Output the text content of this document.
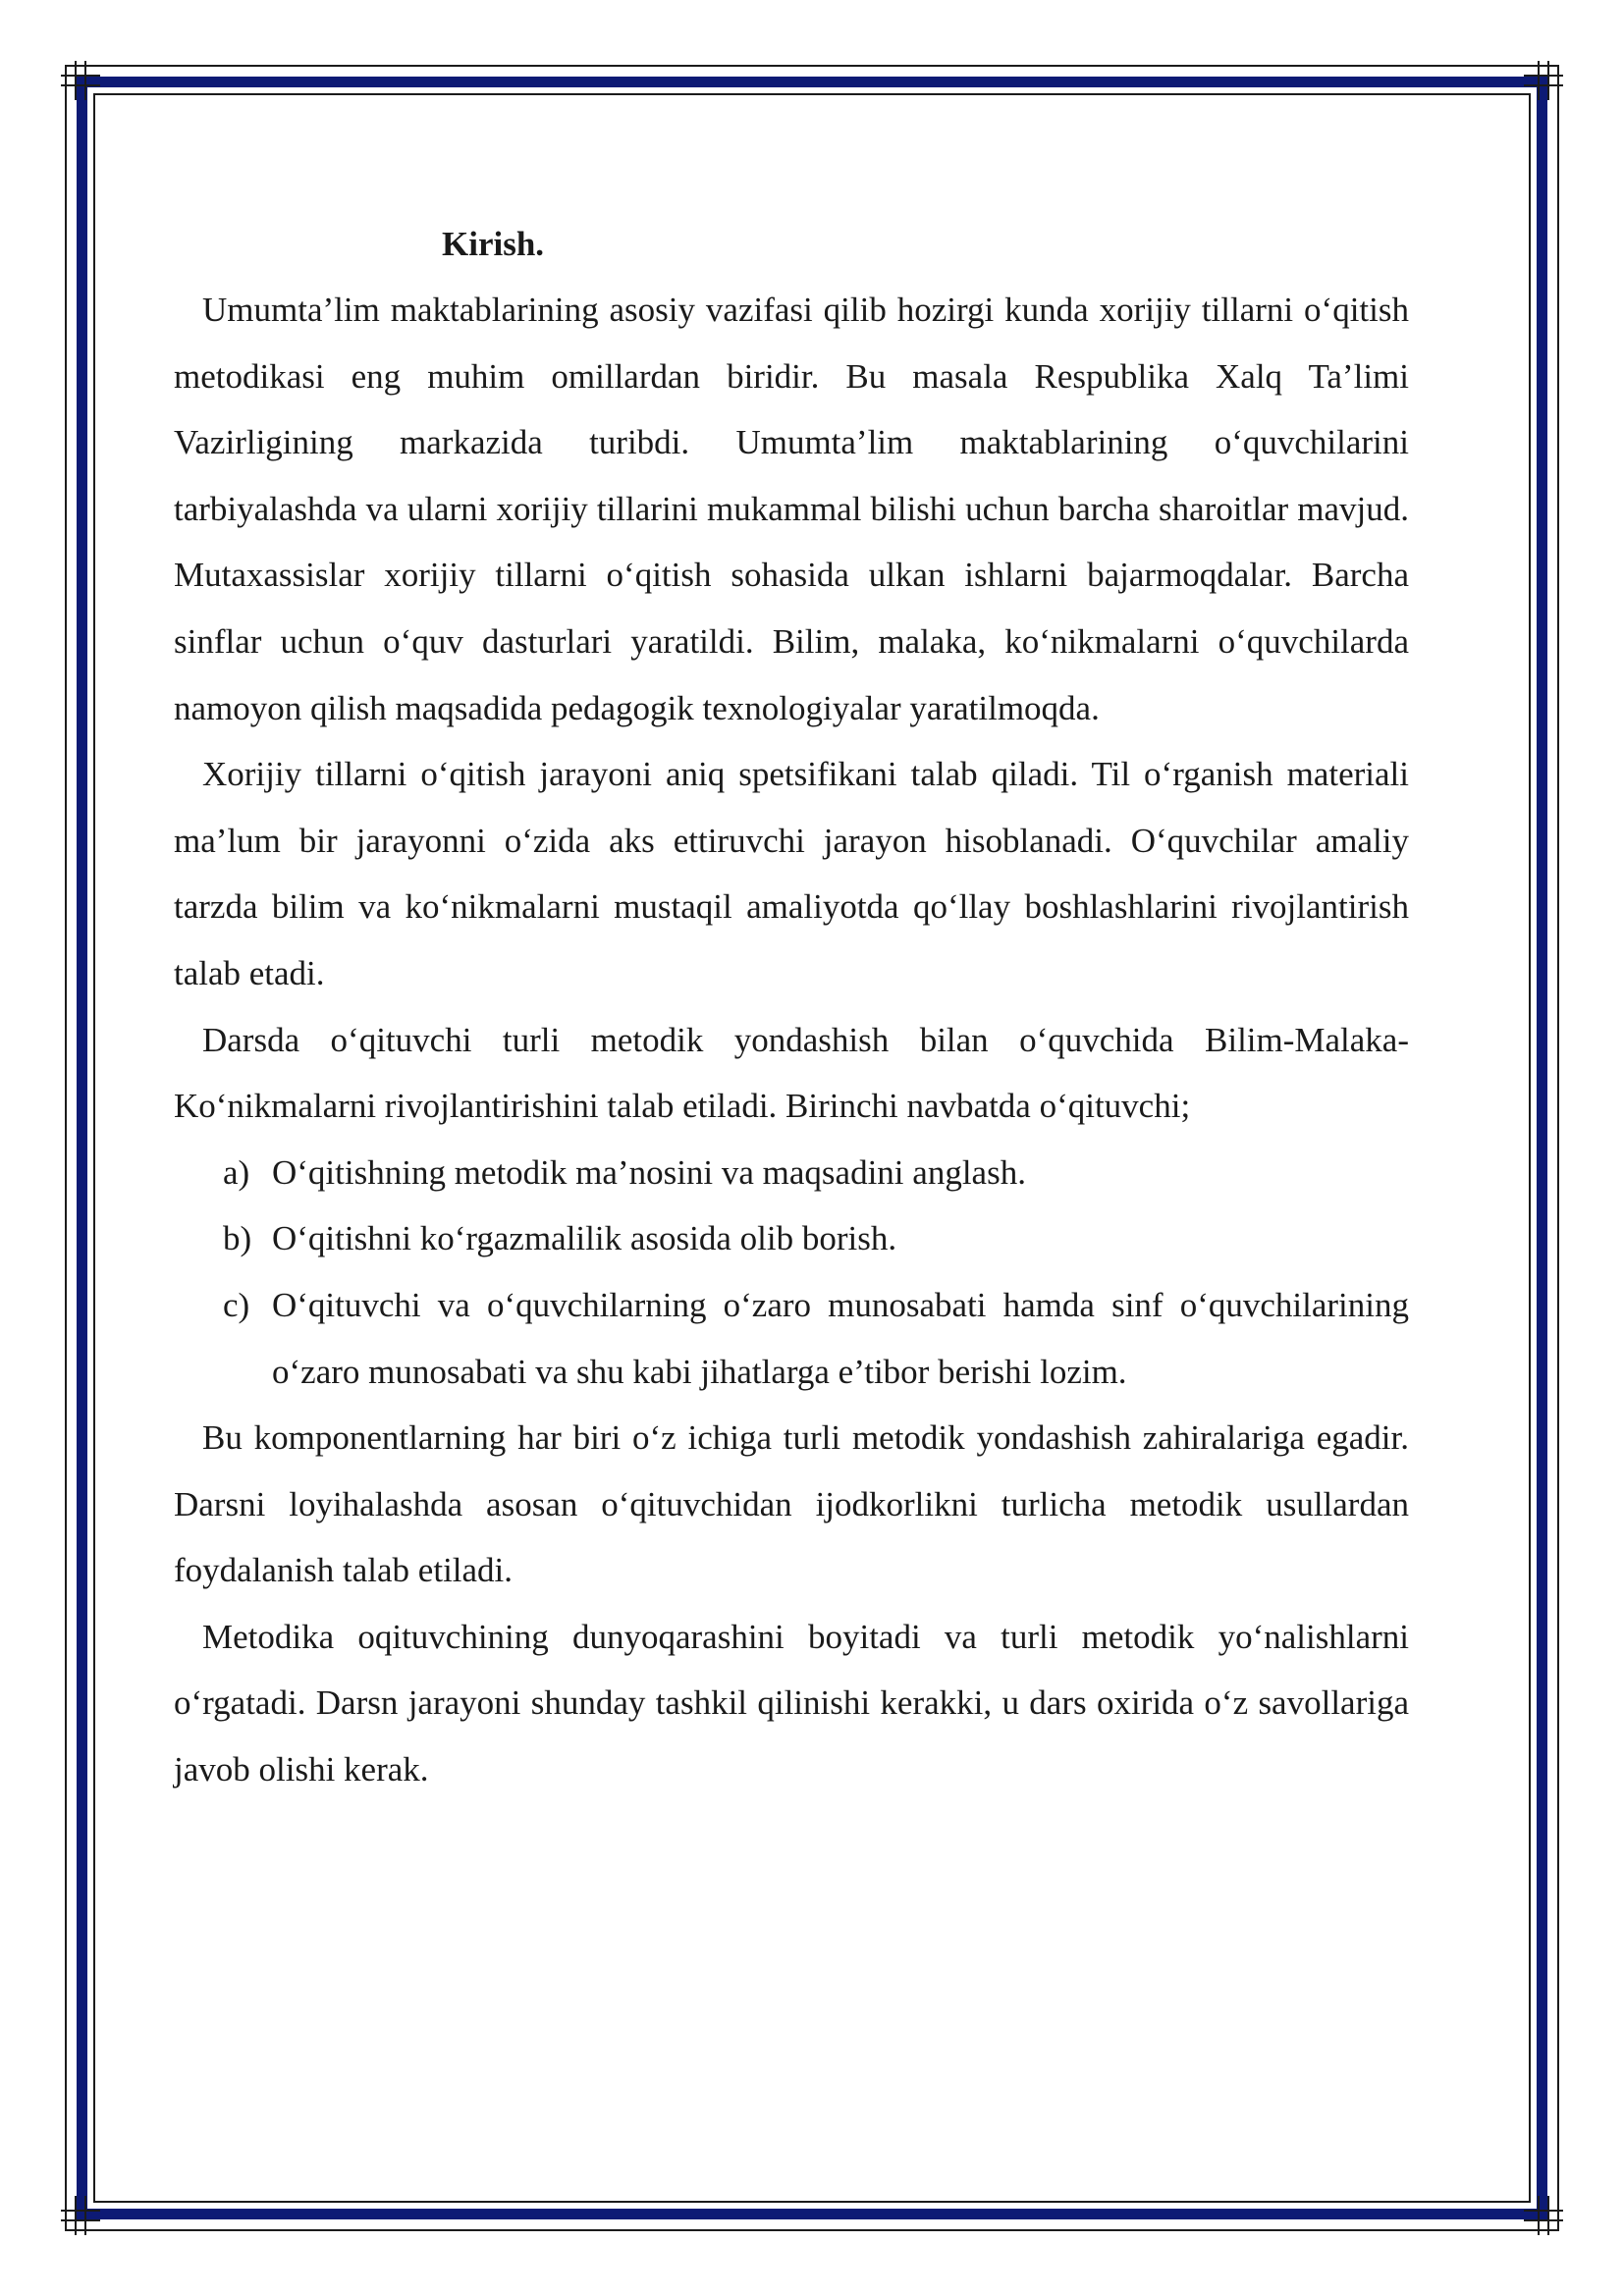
Kirish.

Umumta’lim maktablarining asosiy vazifasi qilib hozirgi kunda xorijiy tillarni o‘qitish metodikasi eng muhim omillardan biridir. Bu masala Respublika Xalq Ta’limi Vazirligining markazida turibdi. Umumta’lim maktablarining o‘quvchilarini tarbiyalashda va ularni xorijiy tillarini mukammal bilishi uchun barcha sharoitlar mavjud. Mutaxassislar xorijiy tillarni o‘qitish sohasida ulkan ishlarni bajarmoqdalar. Barcha sinflar uchun o‘quv dasturlari yaratildi. Bilim, malaka, ko‘nikmalarni o‘quvchilarda namoyon qilish maqsadida pedagogik texnologiyalar yaratilmoqda.

Xorijiy tillarni o‘qitish jarayoni aniq spetsifikani talab qiladi. Til o‘rganish materiali ma’lum bir jarayonni o‘zida aks ettiruvchi jarayon hisoblanadi. O‘quvchilar amaliy tarzda bilim va ko‘nikmalarni mustaqil amaliyotda qo‘llay boshlashlarini rivojlantirish talab etadi.

Darsda o‘qituvchi turli metodik yondashish bilan o‘quvchida Bilim-Malaka- Ko‘nikmalarni rivojlantirishini talab etiladi. Birinchi navbatda o‘qituvchi;

a) O‘qitishning metodik ma’nosini va maqsadini anglash.
b) O‘qitishni ko‘rgazmalilik asosida olib borish.
c) O‘qituvchi va o‘quvchilarning o‘zaro munosabati hamda sinf o‘quvchilarining o‘zaro munosabati va shu kabi jihatlarga e’tibor berishi lozim.

Bu komponentlarning har biri o‘z ichiga turli metodik yondashish zahiralariga egadir. Darsni loyihalashda asosan o‘qituvchidan ijodkorlikni turlicha metodik usullardan foydalanish talab etiladi.

Metodika oqituvchining dunyoqarashini boyitadi va turli metodik yo‘nalishlarni o‘rgatadi. Darsn jarayoni shunday tashkil qilinishi kerakki, u dars oxirida o‘z savollariga javob olishi kerak.
